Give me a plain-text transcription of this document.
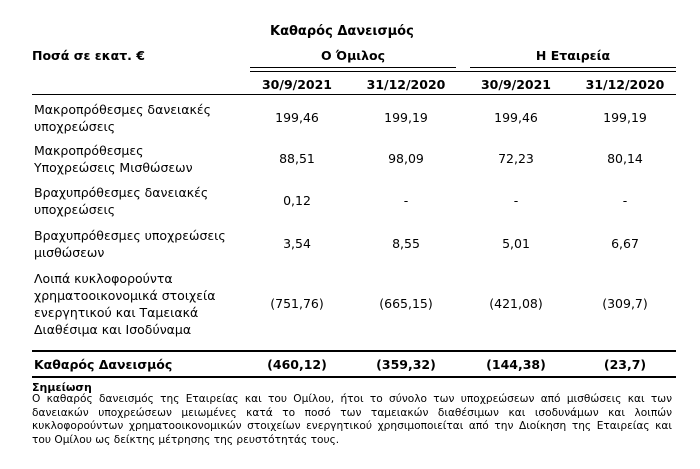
Καθαρός Δανεισμός
Ποσά σε εκατ. €	Ο Όμιλος	Η Εταιρεία
30/9/2021	31/12/2020	30/9/2021	31/12/2020
Μακροπρόθεσμες δανειακές υποχρεώσεις
199,46	199,19	199,46	199,19
Μακροπρόθεσμες Υποχρεώσεις Μισθώσεων
88,51	98,09	72,23	80,14
Βραχυπρόθεσμες δανειακές υποχρεώσεις
0,12	-	-	-
Βραχυπρόθεσμες υποχρεώσεις μισθώσεων
3,54	8,55	5,01	6,67
Λοιπά κυκλοφορούντα χρηματοοικονομικά στοιχεία ενεργητικού και Ταμειακά Διαθέσιμα και Ισοδύναμα
(751,76)	(665,15)	(421,08)	(309,7)
Καθαρός Δανεισμός	(460,12)	(359,32)	(144,38)	(23,7)
Σημείωση
Ο καθαρός δανεισμός της Εταιρείας και του Ομίλου, ήτοι το σύνολο των υποχρεώσεων από μισθώσεις και των δανειακών υποχρεώσεων μειωμένες κατά το ποσό των ταμειακών διαθέσιμων και ισοδυνάμων και λοιπών κυκλοφορούντων χρηματοοικονομικών στοιχείων ενεργητικού χρησιμοποιείται από την Διοίκηση της Εταιρείας και του Ομίλου ως δείκτης μέτρησης της ρευστότητάς τους.
